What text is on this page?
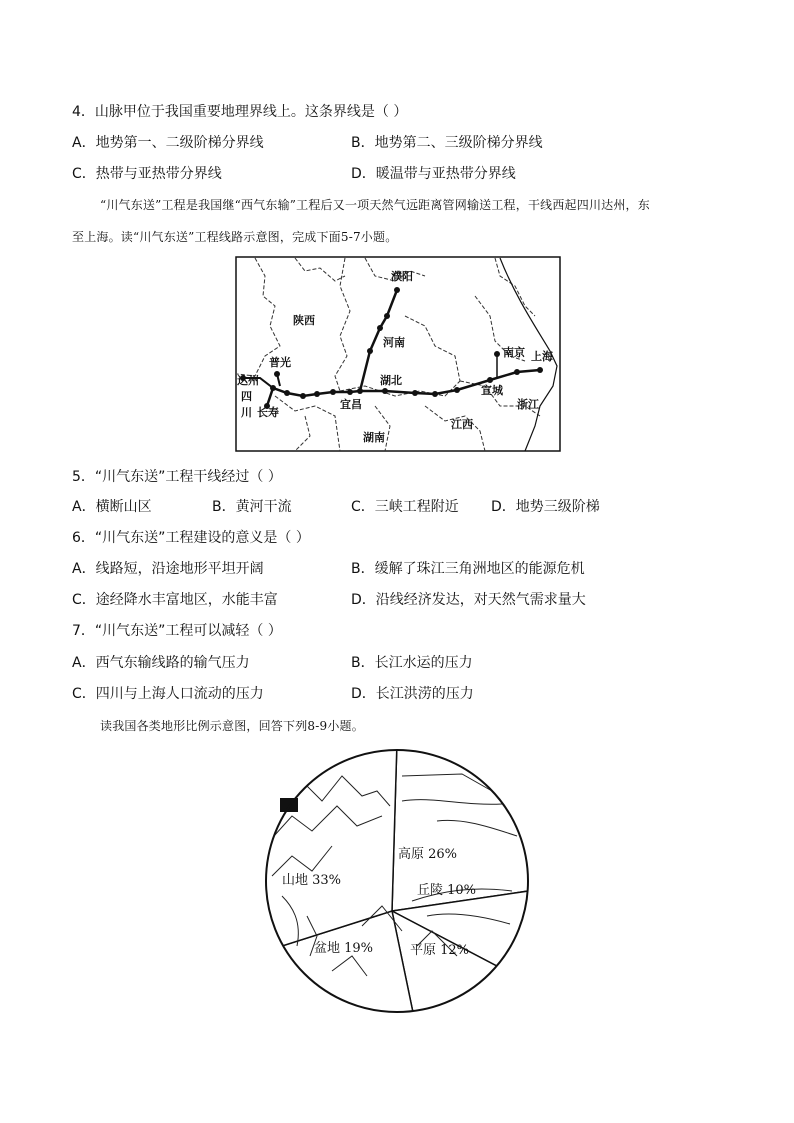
4．山脉甲位于我国重要地理界线上。这条界线是（ ）
A．地势第一、二级阶梯分界线	B．地势第二、三级阶梯分界线
C．热带与亚热带分界线	D．暖温带与亚热带分界线
“川气东送”工程是我国继“西气东输”工程后又一项天然气远距离管网输送工程，干线西起四川达州，东
至上海。读“川气东送”工程线路示意图，完成下面5-7小题。
濮阳
陕西
河南
普光
达州
四
川 长寿
湖北
宜昌
南京 上海
宣城
浙江
江西
湖南
5．“川气东送”工程干线经过（ ）
A．横断山区	B．黄河干流	C．三峡工程附近 D．地势三级阶梯
6．“川气东送”工程建设的意义是（ ）
A．线路短，沿途地形平坦开阔	B．缓解了珠江三角洲地区的能源危机
C．途经降水丰富地区，水能丰富	D．沿线经济发达，对天然气需求量大
7．“川气东送”工程可以减轻（ ）
A．西气东输线路的输气压力	B．长江水运的压力
C．四川与上海人口流动的压力	D．长江洪涝的压力
读我国各类地形比例示意图，回答下列8-9小题。
山地 33%
高原 26%
丘陵 10%
平原 12%
盆地 19%
